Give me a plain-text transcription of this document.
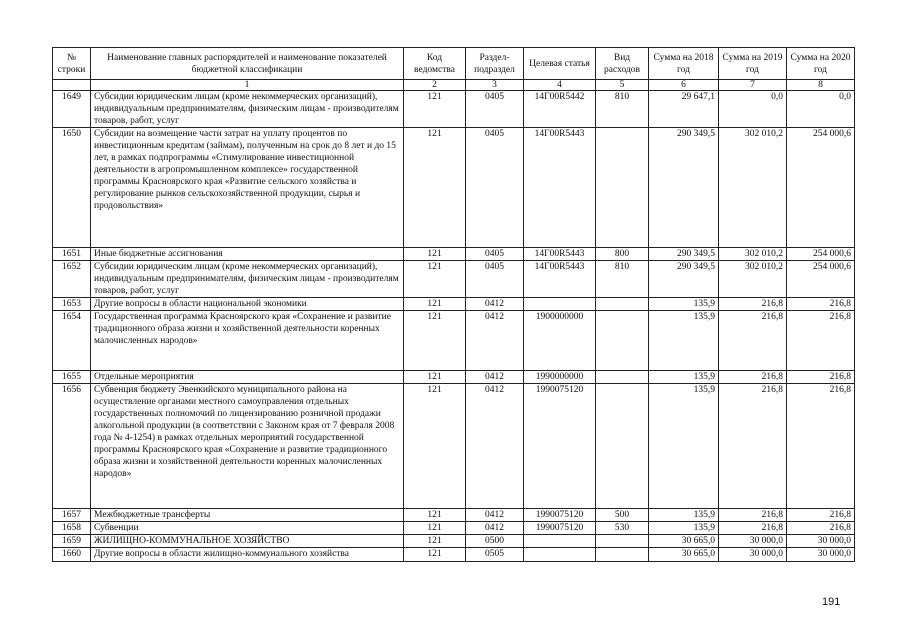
№ строки	Наименование главных распорядителей и наименование показателей бюджетной классификации	Код ведомства	Раздел-подраздел	Целевая статья	Вид расходов	Сумма на 2018 год	Сумма на 2019 год	Сумма на 2020 год
	1	2	3	4	5	6	7	8
1649	Субсидии юридическим лицам (кроме некоммерческих организаций), индивидуальным предпринимателям, физическим лицам - производителям товаров, работ, услуг	121	0405	14Г00R5442	810	29 647,1	0,0	0,0
1650	Субсидии на возмещение части затрат на уплату процентов по инвестиционным кредитам (займам), полученным на срок до 8 лет и до 15 лет, в рамках подпрограммы «Стимулирование инвестиционной деятельности в агропромышленном комплексе» государственной программы Красноярского края «Развитие сельского хозяйства и регулирование рынков сельскохозяйственной продукции, сырья и продовольствия»	121	0405	14Г00R5443		290 349,5	302 010,2	254 000,6
1651	Иные бюджетные ассигнования	121	0405	14Г00R5443	800	290 349,5	302 010,2	254 000,6
1652	Субсидии юридическим лицам (кроме некоммерческих организаций), индивидуальным предпринимателям, физическим лицам - производителям товаров, работ, услуг	121	0405	14Г00R5443	810	290 349,5	302 010,2	254 000,6
1653	Другие вопросы в области национальной экономики	121	0412			135,9	216,8	216,8
1654	Государственная программа Красноярского края «Сохранение и развитие традиционного образа жизни и хозяйственной деятельности коренных малочисленных народов»	121	0412	1900000000		135,9	216,8	216,8
1655	Отдельные мероприятия	121	0412	1990000000		135,9	216,8	216,8
1656	Субвенция бюджету Эвенкийского муниципального района на осуществление органами местного самоуправления отдельных государственных полномочий по лицензированию розничной продажи алкогольной продукции (в соответствии с Законом края от 7 февраля 2008 года № 4-1254) в рамках отдельных мероприятий государственной программы Красноярского края «Сохранение и развитие традиционного образа жизни и хозяйственной деятельности коренных малочисленных народов»	121	0412	1990075120		135,9	216,8	216,8
1657	Межбюджетные трансферты	121	0412	1990075120	500	135,9	216,8	216,8
1658	Субвенции	121	0412	1990075120	530	135,9	216,8	216,8
1659	ЖИЛИЩНО-КОММУНАЛЬНОЕ ХОЗЯЙСТВО	121	0500			30 665,0	30 000,0	30 000,0
1660	Другие вопросы в области жилищно-коммунального хозяйства	121	0505			30 665,0	30 000,0	30 000,0
191
